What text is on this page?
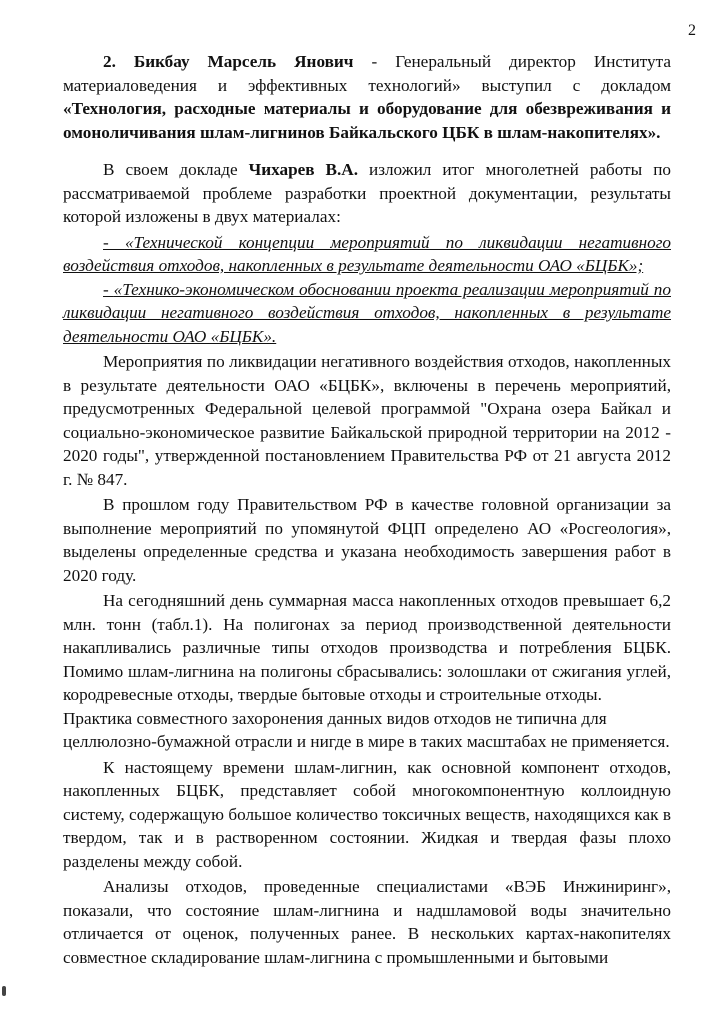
2

2. Бикбау Марсель Янович - Генеральный директор Института материаловедения и эффективных технологий» выступил с докладом «Технология, расходные материалы и оборудование для обезвреживания и омоноличивания шлам-лигнинов Байкальского ЦБК в шлам-накопителях».

В своем докладе Чихарев В.А. изложил итог многолетней работы по рассматриваемой проблеме разработки проектной документации, результаты которой изложены в двух материалах:

- «Технической концепции мероприятий по ликвидации негативного воздействия отходов, накопленных в результате деятельности ОАО «БЦБК»;

- «Технико-экономическом обосновании проекта реализации мероприятий по ликвидации негативного воздействия отходов, накопленных в результате деятельности ОАО «БЦБК».

Мероприятия по ликвидации негативного воздействия отходов, накопленных в результате деятельности ОАО «БЦБК», включены в перечень мероприятий, предусмотренных Федеральной целевой программой "Охрана озера Байкал и социально-экономическое развитие Байкальской природной территории на 2012 - 2020 годы", утвержденной постановлением Правительства РФ от 21 августа 2012 г. № 847.

В прошлом году Правительством РФ в качестве головной организации за выполнение мероприятий по упомянутой ФЦП определено АО «Росгеология», выделены определенные средства и указана необходимость завершения работ в 2020 году.

На сегодняшний день суммарная масса накопленных отходов превышает 6,2 млн. тонн (табл.1). На полигонах за период производственной деятельности накапливались различные типы отходов производства и потребления БЦБК. Помимо шлам-лигнина на полигоны сбрасывались: золошлаки от сжигания углей, кородревесные отходы, твердые бытовые отходы и строительные отходы.

Практика совместного захоронения данных видов отходов не типична для целлюлозно-бумажной отрасли и нигде в мире в таких масштабах не применяется.

К настоящему времени шлам-лигнин, как основной компонент отходов, накопленных БЦБК, представляет собой многокомпонентную коллоидную систему, содержащую большое количество токсичных веществ, находящихся как в твердом, так и в растворенном состоянии. Жидкая и твердая фазы плохо разделены между собой.

Анализы отходов, проведенные специалистами «ВЭБ Инжиниринг», показали, что состояние шлам-лигнина и надшламовой воды значительно отличается от оценок, полученных ранее. В нескольких картах-накопителях совместное складирование шлам-лигнина с промышленными и бытовыми
